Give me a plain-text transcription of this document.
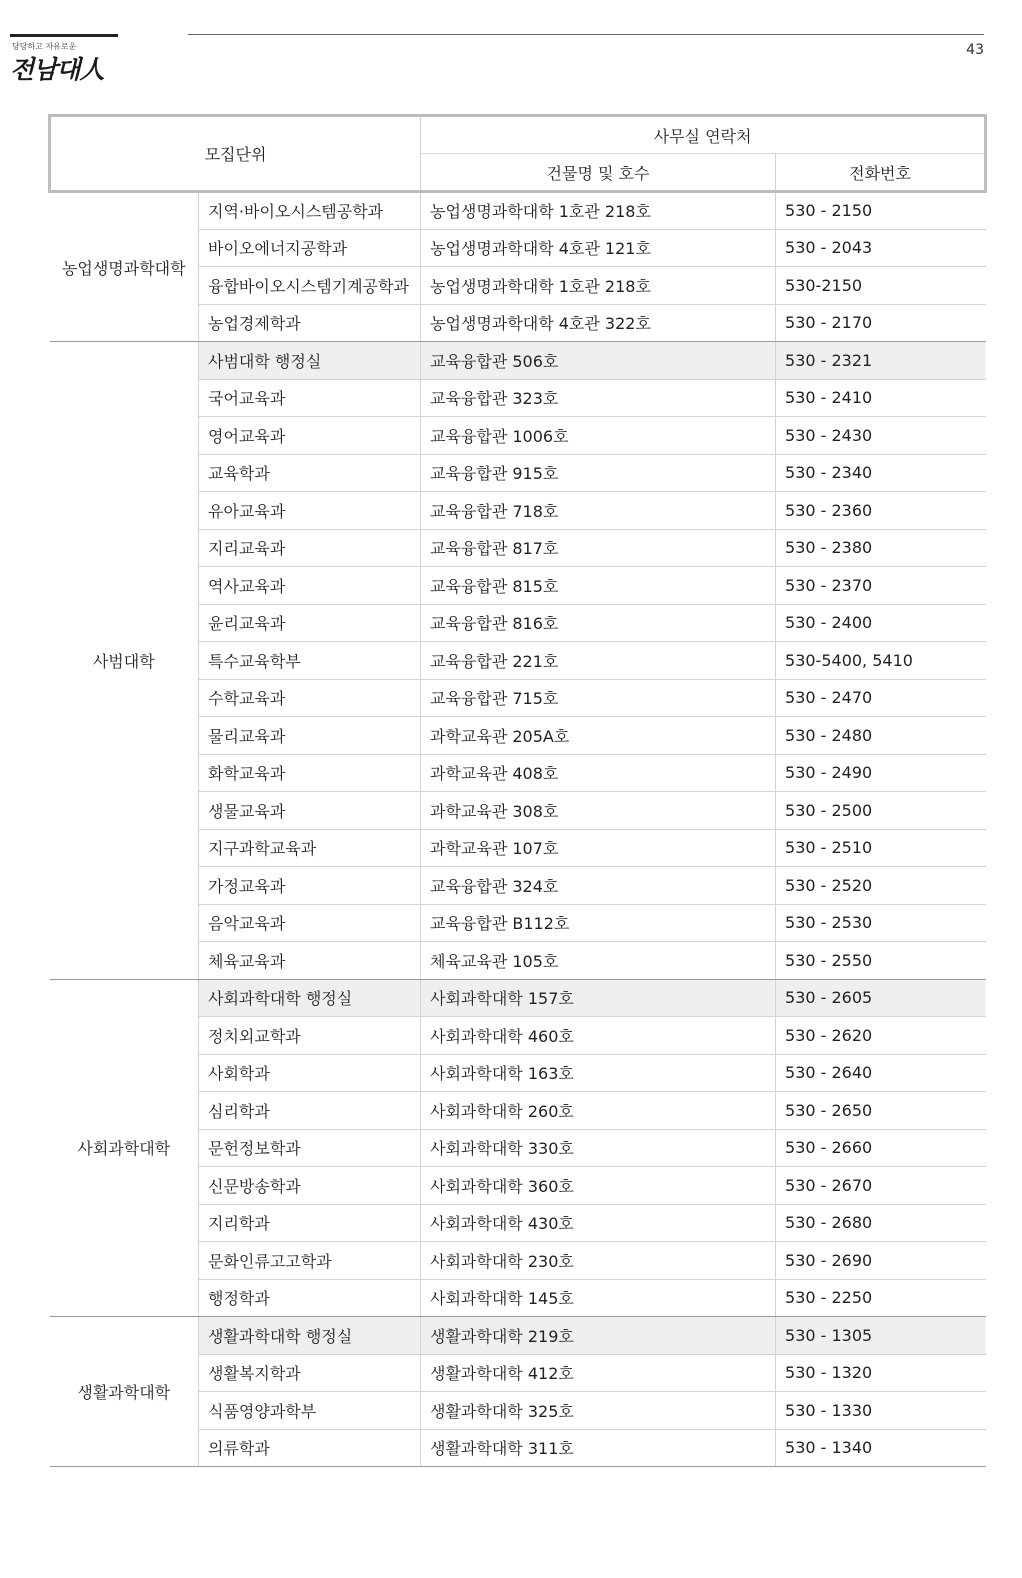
당당하고 자유로운
전남대人
43
모집단위		사무실 연락처	
		건물명 및 호수	전화번호
농업생명과학대학	지역·바이오시스템공학과	농업생명과학대학 1호관 218호	530 - 2150
	바이오에너지공학과	농업생명과학대학 4호관 121호	530 - 2043
	융합바이오시스템기계공학과	농업생명과학대학 1호관 218호	530-2150
	농업경제학과	농업생명과학대학 4호관 322호	530 - 2170
사범대학	사범대학 행정실	교육융합관 506호	530 - 2321
	국어교육과	교육융합관 323호	530 - 2410
	영어교육과	교육융합관 1006호	530 - 2430
	교육학과	교육융합관 915호	530 - 2340
	유아교육과	교육융합관 718호	530 - 2360
	지리교육과	교육융합관 817호	530 - 2380
	역사교육과	교육융합관 815호	530 - 2370
	윤리교육과	교육융합관 816호	530 - 2400
	특수교육학부	교육융합관 221호	530-5400, 5410
	수학교육과	교육융합관 715호	530 - 2470
	물리교육과	과학교육관 205A호	530 - 2480
	화학교육과	과학교육관 408호	530 - 2490
	생물교육과	과학교육관 308호	530 - 2500
	지구과학교육과	과학교육관 107호	530 - 2510
	가정교육과	교육융합관 324호	530 - 2520
	음악교육과	교육융합관 B112호	530 - 2530
	체육교육과	체육교육관 105호	530 - 2550
사회과학대학	사회과학대학 행정실	사회과학대학 157호	530 - 2605
	정치외교학과	사회과학대학 460호	530 - 2620
	사회학과	사회과학대학 163호	530 - 2640
	심리학과	사회과학대학 260호	530 - 2650
	문헌정보학과	사회과학대학 330호	530 - 2660
	신문방송학과	사회과학대학 360호	530 - 2670
	지리학과	사회과학대학 430호	530 - 2680
	문화인류고고학과	사회과학대학 230호	530 - 2690
	행정학과	사회과학대학 145호	530 - 2250
생활과학대학	생활과학대학 행정실	생활과학대학 219호	530 - 1305
	생활복지학과	생활과학대학 412호	530 - 1320
	식품영양과학부	생활과학대학 325호	530 - 1330
	의류학과	생활과학대학 311호	530 - 1340
